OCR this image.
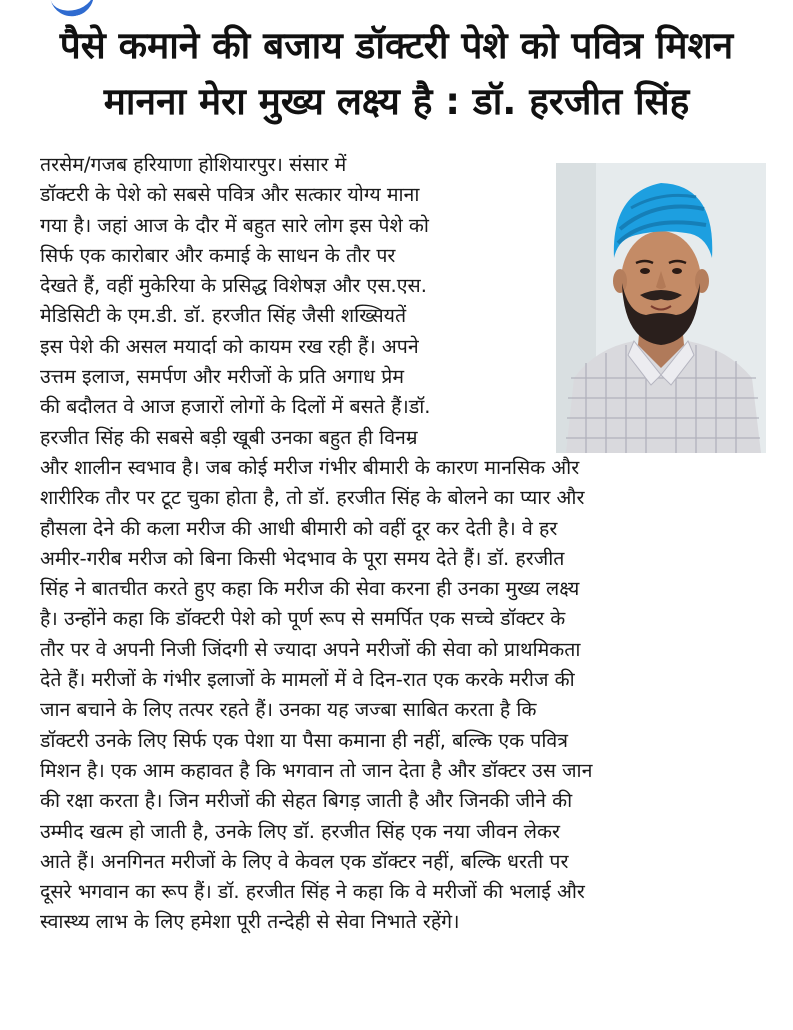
पैसे कमाने की बजाय डॉक्टरी पेशे को पवित्र मिशन
मानना मेरा मुख्य लक्ष्य है : डॉ. हरजीत सिंह
तरसेम/गजब हरियाणा होशियारपुर। संसार में
डॉक्टरी के पेशे को सबसे पवित्र और सत्कार योग्य माना
गया है। जहां आज के दौर में बहुत सारे लोग इस पेशे को
सिर्फ एक कारोबार और कमाई के साधन के तौर पर
देखते हैं, वहीं मुकेरिया के प्रसिद्ध विशेषज्ञ और एस.एस.
मेडिसिटी के एम.डी. डॉ. हरजीत सिंह जैसी शख्सियतें
इस पेशे की असल मयार्दा को कायम रख रही हैं। अपने
उत्तम इलाज, समर्पण और मरीजों के प्रति अगाध प्रेम
की बदौलत वे आज हजारों लोगों के दिलों में बसते हैं।डॉ.
हरजीत सिंह की सबसे बड़ी खूबी उनका बहुत ही विनम्र
और शालीन स्वभाव है। जब कोई मरीज गंभीर बीमारी के कारण मानसिक और
शारीरिक तौर पर टूट चुका होता है, तो डॉ. हरजीत सिंह के बोलने का प्यार और
हौसला देने की कला मरीज की आधी बीमारी को वहीं दूर कर देती है। वे हर
अमीर-गरीब मरीज को बिना किसी भेदभाव के पूरा समय देते हैं। डॉ. हरजीत
सिंह ने बातचीत करते हुए कहा कि मरीज की सेवा करना ही उनका मुख्य लक्ष्य
है। उन्होंने कहा कि डॉक्टरी पेशे को पूर्ण रूप से समर्पित एक सच्चे डॉक्टर के
तौर पर वे अपनी निजी जिंदगी से ज्यादा अपने मरीजों की सेवा को प्राथमिकता
देते हैं। मरीजों के गंभीर इलाजों के मामलों में वे दिन-रात एक करके मरीज की
जान बचाने के लिए तत्पर रहते हैं। उनका यह जज्बा साबित करता है कि
डॉक्टरी उनके लिए सिर्फ एक पेशा या पैसा कमाना ही नहीं, बल्कि एक पवित्र
मिशन है। एक आम कहावत है कि भगवान तो जान देता है और डॉक्टर उस जान
की रक्षा करता है। जिन मरीजों की सेहत बिगड़ जाती है और जिनकी जीने की
उम्मीद खत्म हो जाती है, उनके लिए डॉ. हरजीत सिंह एक नया जीवन लेकर
आते हैं। अनगिनत मरीजों के लिए वे केवल एक डॉक्टर नहीं, बल्कि धरती पर
दूसरे भगवान का रूप हैं। डॉ. हरजीत सिंह ने कहा कि वे मरीजों की भलाई और
स्वास्थ्य लाभ के लिए हमेशा पूरी तन्देही से सेवा निभाते रहेंगे।
